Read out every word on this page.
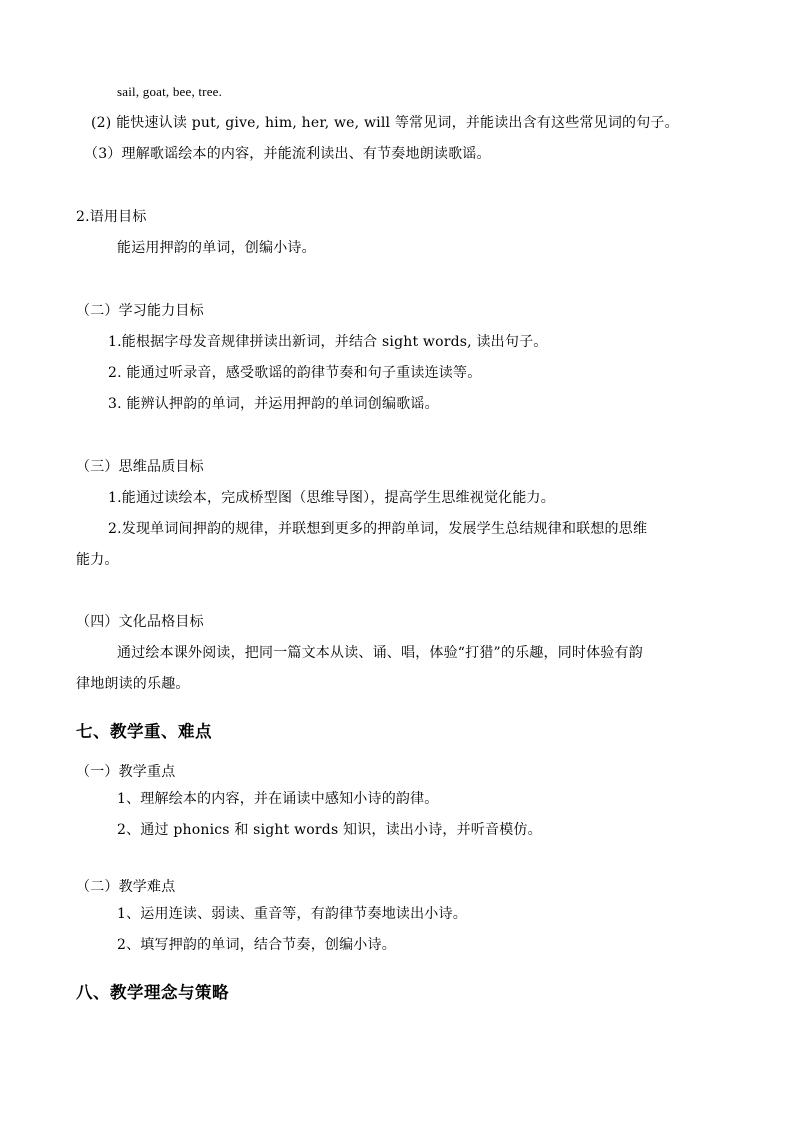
sail, goat, bee, tree.
(2) 能快速认读 put, give, him, her, we, will 等常见词，并能读出含有这些常见词的句子。
（3）理解歌谣绘本的内容，并能流利读出、有节奏地朗读歌谣。
2.语用目标
能运用押韵的单词，创编小诗。
（二）学习能力目标
1.能根据字母发音规律拼读出新词，并结合 sight words, 读出句子。
2. 能通过听录音，感受歌谣的韵律节奏和句子重读连读等。
3. 能辨认押韵的单词，并运用押韵的单词创编歌谣。
（三）思维品质目标
1.能通过读绘本，完成桥型图（思维导图），提高学生思维视觉化能力。
2.发现单词间押韵的规律，并联想到更多的押韵单词，发展学生总结规律和联想的思维
能力。
（四）文化品格目标
通过绘本课外阅读，把同一篇文本从读、诵、唱，体验“打猎”的乐趣，同时体验有韵
律地朗读的乐趣。
七、教学重、难点
（一）教学重点
1、理解绘本的内容，并在诵读中感知小诗的韵律。
2、通过 phonics 和 sight words 知识，读出小诗，并听音模仿。
（二）教学难点
1、运用连读、弱读、重音等，有韵律节奏地读出小诗。
2、填写押韵的单词，结合节奏，创编小诗。
八、教学理念与策略
